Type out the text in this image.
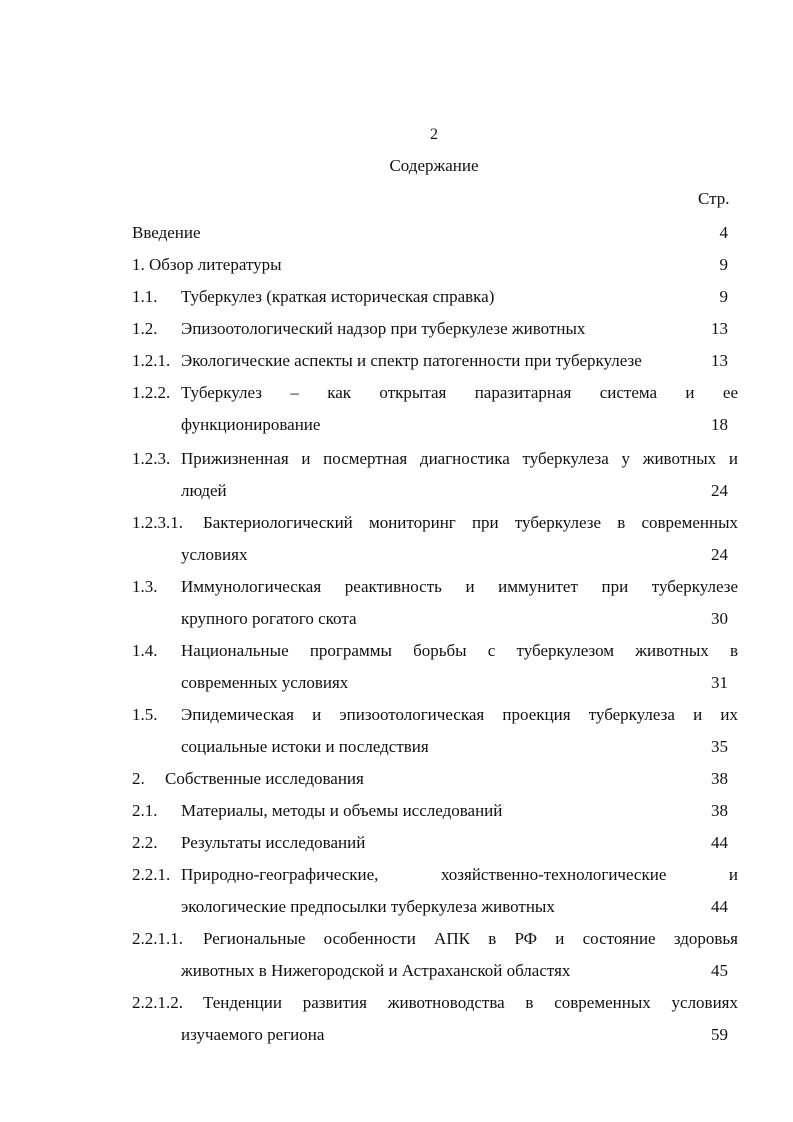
2
Содержание
Стр.
Введение	4
1. Обзор литературы	9
1.1. Туберкулез (краткая историческая справка)	9
1.2. Эпизоотологический надзор при туберкулезе животных	13
1.2.1. Экологические аспекты и спектр патогенности при туберкулезе	13
1.2.2. Туберкулез – как открытая паразитарная система и ее
функционирование	18
1.2.3. Прижизненная и посмертная диагностика туберкулеза у животных и
людей	24
1.2.3.1. Бактериологический мониторинг при туберкулезе в современных
условиях	24
1.3. Иммунологическая реактивность и иммунитет при туберкулезе
крупного рогатого скота	30
1.4. Национальные программы борьбы с туберкулезом животных в
современных условиях	31
1.5. Эпидемическая и эпизоотологическая проекция туберкулеза и их
социальные истоки и последствия	35
2. Собственные исследования	38
2.1. Материалы, методы и объемы исследований	38
2.2. Результаты исследований	44
2.2.1. Природно-географические, хозяйственно-технологические и
экологические предпосылки туберкулеза животных	44
2.2.1.1. Региональные особенности АПК в РФ и состояние здоровья
животных в Нижегородской и Астраханской областях	45
2.2.1.2. Тенденции развития животноводства в современных условиях
изучаемого региона	59
